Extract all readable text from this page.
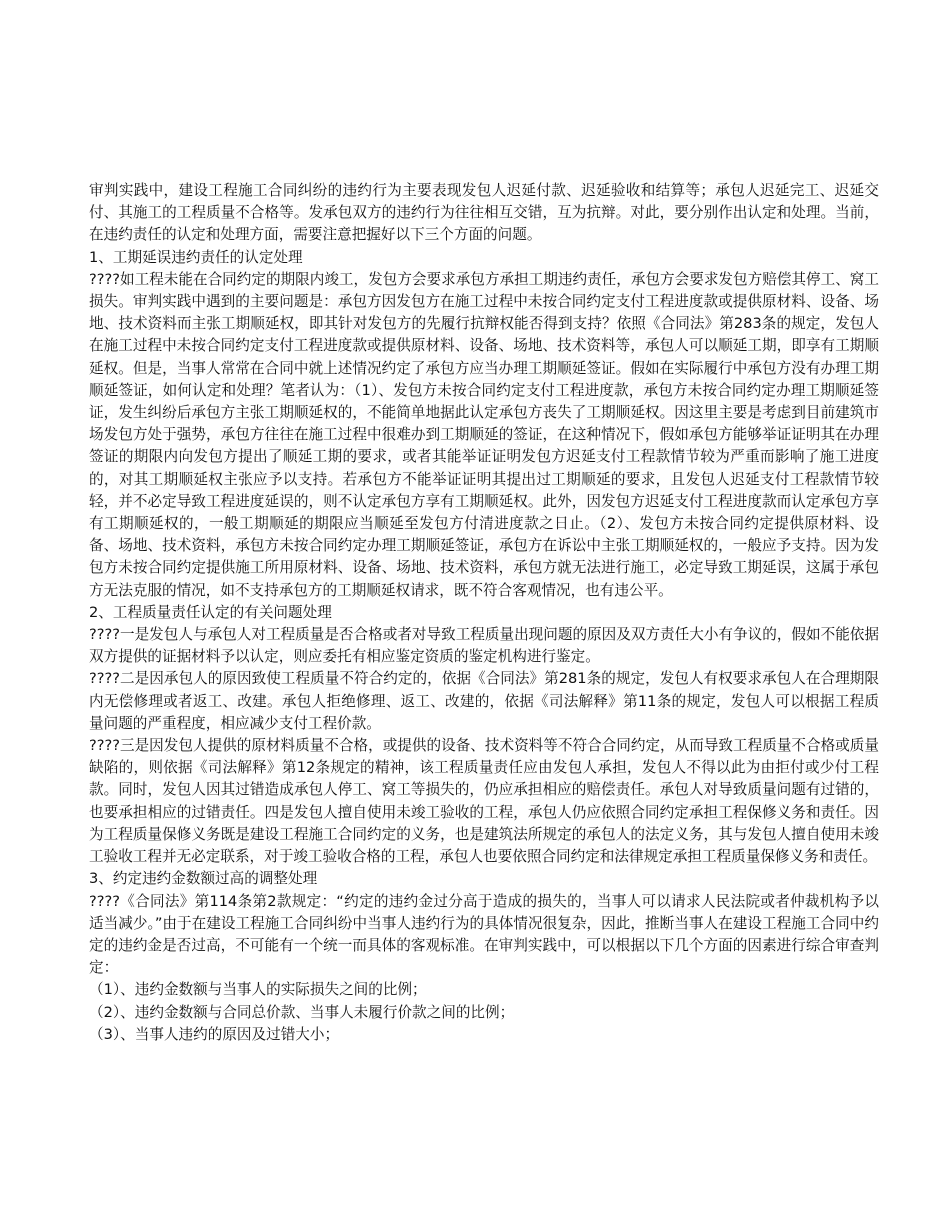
审判实践中，建设工程施工合同纠纷的违约行为主要表现发包人迟延付款、迟延验收和结算等；承包人迟延完工、迟延交付、其施工的工程质量不合格等。发承包双方的违约行为往往相互交错，互为抗辩。对此，要分别作出认定和处理。当前，在违约责任的认定和处理方面，需要注意把握好以下三个方面的问题。

1、工期延误违约责任的认定处理

????如工程未能在合同约定的期限内竣工，发包方会要求承包方承担工期违约责任，承包方会要求发包方赔偿其停工、窝工损失。审判实践中遇到的主要问题是：承包方因发包方在施工过程中未按合同约定支付工程进度款或提供原材料、设备、场地、技术资料而主张工期顺延权，即其针对发包方的先履行抗辩权能否得到支持？依照《合同法》第283条的规定，发包人在施工过程中未按合同约定支付工程进度款或提供原材料、设备、场地、技术资料等，承包人可以顺延工期，即享有工期顺延权。但是，当事人常常在合同中就上述情况约定了承包方应当办理工期顺延签证。假如在实际履行中承包方没有办理工期顺延签证，如何认定和处理？笔者认为：（1）、发包方未按合同约定支付工程进度款，承包方未按合同约定办理工期顺延签证，发生纠纷后承包方主张工期顺延权的，不能简单地据此认定承包方丧失了工期顺延权。因这里主要是考虑到目前建筑市场发包方处于强势，承包方往往在施工过程中很难办到工期顺延的签证，在这种情况下，假如承包方能够举证证明其在办理签证的期限内向发包方提出了顺延工期的要求，或者其能举证证明发包方迟延支付工程款情节较为严重而影响了施工进度的，对其工期顺延权主张应予以支持。若承包方不能举证证明其提出过工期顺延的要求，且发包人迟延支付工程款情节较轻，并不必定导致工程进度延误的，则不认定承包方享有工期顺延权。此外，因发包方迟延支付工程进度款而认定承包方享有工期顺延权的，一般工期顺延的期限应当顺延至发包方付清进度款之日止。（2）、发包方未按合同约定提供原材料、设备、场地、技术资料，承包方未按合同约定办理工期顺延签证，承包方在诉讼中主张工期顺延权的，一般应予支持。因为发包方未按合同约定提供施工所用原材料、设备、场地、技术资料，承包方就无法进行施工，必定导致工期延误，这属于承包方无法克服的情况，如不支持承包方的工期顺延权请求，既不符合客观情况，也有违公平。

2、工程质量责任认定的有关问题处理

????一是发包人与承包人对工程质量是否合格或者对导致工程质量出现问题的原因及双方责任大小有争议的，假如不能依据双方提供的证据材料予以认定，则应委托有相应鉴定资质的鉴定机构进行鉴定。

????二是因承包人的原因致使工程质量不符合约定的，依据《合同法》第281条的规定，发包人有权要求承包人在合理期限内无偿修理或者返工、改建。承包人拒绝修理、返工、改建的，依据《司法解释》第11条的规定，发包人可以根据工程质量问题的严重程度，相应减少支付工程价款。

????三是因发包人提供的原材料质量不合格，或提供的设备、技术资料等不符合合同约定，从而导致工程质量不合格或质量缺陷的，则依据《司法解释》第12条规定的精神，该工程质量责任应由发包人承担，发包人不得以此为由拒付或少付工程款。同时，发包人因其过错造成承包人停工、窝工等损失的，仍应承担相应的赔偿责任。承包人对导致质量问题有过错的，也要承担相应的过错责任。四是发包人擅自使用未竣工验收的工程，承包人仍应依照合同约定承担工程保修义务和责任。因为工程质量保修义务既是建设工程施工合同约定的义务，也是建筑法所规定的承包人的法定义务，其与发包人擅自使用未竣工验收工程并无必定联系，对于竣工验收合格的工程，承包人也要依照合同约定和法律规定承担工程质量保修义务和责任。

3、约定违约金数额过高的调整处理

????《合同法》第114条第2款规定：“约定的违约金过分高于造成的损失的，当事人可以请求人民法院或者仲裁机构予以适当减少。”由于在建设工程施工合同纠纷中当事人违约行为的具体情况很复杂，因此，推断当事人在建设工程施工合同中约定的违约金是否过高，不可能有一个统一而具体的客观标准。在审判实践中，可以根据以下几个方面的因素进行综合审查判定：

（1）、违约金数额与当事人的实际损失之间的比例；

（2）、违约金数额与合同总价款、当事人未履行价款之间的比例；

（3）、当事人违约的原因及过错大小；
